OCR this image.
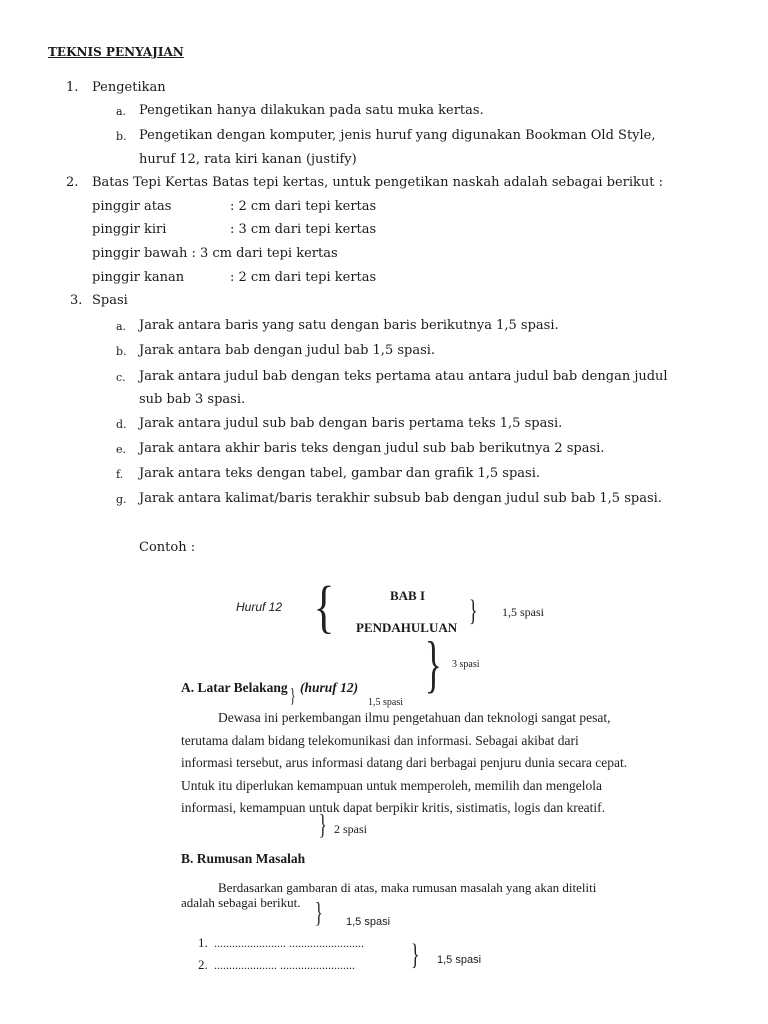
TEKNIS PENYAJIAN
1. Pengetikan
a. Pengetikan hanya dilakukan pada satu muka kertas.
b. Pengetikan dengan komputer, jenis huruf yang digunakan Bookman Old Style,
huruf 12, rata kiri kanan (justify)
2. Batas Tepi Kertas Batas tepi kertas, untuk pengetikan naskah adalah sebagai berikut :
pinggir atas	: 2 cm dari tepi kertas
pinggir kiri	: 3 cm dari tepi kertas
pinggir bawah : 3 cm dari tepi kertas
pinggir kanan	: 2 cm dari tepi kertas
3. Spasi
a. Jarak antara baris yang satu dengan baris berikutnya 1,5 spasi.
b. Jarak antara bab dengan judul bab 1,5 spasi.
c. Jarak antara judul bab dengan teks pertama atau antara judul bab dengan judul
sub bab 3 spasi.
d. Jarak antara judul sub bab dengan baris pertama teks 1,5 spasi.
e. Jarak antara akhir baris teks dengan judul sub bab berikutnya 2 spasi.
f. Jarak antara teks dengan tabel, gambar dan grafik 1,5 spasi.
g. Jarak antara kalimat/baris terakhir subsub bab dengan judul sub bab 1,5 spasi.
Contoh :
Huruf 12 {	BAB I
PENDAHULUAN
} 1,5 spasi
} 3 spasi
A. Latar Belakang (huruf 12)
}	1,5 spasi
Dewasa ini perkembangan ilmu pengetahuan dan teknologi sangat pesat,
terutama dalam bidang telekomunikasi dan informasi. Sebagai akibat dari
informasi tersebut, arus informasi datang dari berbagai penjuru dunia secara cepat.
Untuk itu diperlukan kemampuan untuk memperoleh, memilih dan mengelola
informasi, kemampuan untuk dapat berpikir kritis, sistimatis, logis dan kreatif.
} 2 spasi
B. Rumusan Masalah
Berdasarkan gambaran di atas, maka rumusan masalah yang akan diteliti
adalah sebagai berikut. } 1,5 spasi
1. ........................ .........................
2. ..................... ......................... } 1,5 spasi
